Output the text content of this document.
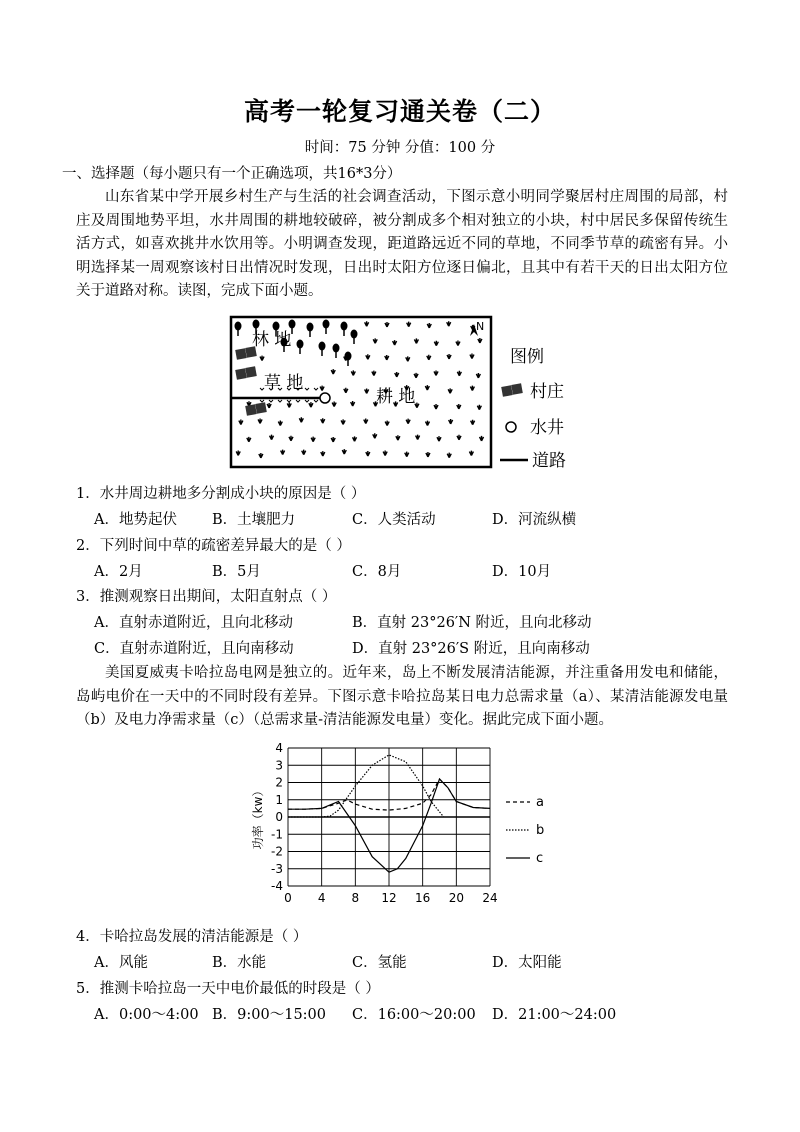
高考一轮复习通关卷（二）
时间：75 分钟 分值：100 分
一、选择题（每小题只有一个正确选项，共16*3分）
山东省某中学开展乡村生产与生活的社会调查活动，下图示意小明同学聚居村庄周围的局部，村庄及周围地势平坦，水井周围的耕地较破碎，被分割成多个相对独立的小块，村中居民多保留传统生活方式，如喜欢挑井水饮用等。小明调查发现，距道路远近不同的草地，不同季节草的疏密有异。小明选择某一周观察该村日出情况时发现，日出时太阳方位逐日偏北，且其中有若干天的日出太阳方位关于道路对称。读图，完成下面小题。
林 地
草 地
耕 地
N
图例
村庄
水井
道路
1．水井周边耕地多分割成小块的原因是（ ）
A．地势起伏 B．土壤肥力	C．人类活动	D．河流纵横
2．下列时间中草的疏密差异最大的是（ ）
A．2月	B．5月	C．8月	D．10月
3．推测观察日出期间，太阳直射点（ ）
A．直射赤道附近，且向北移动	B．直射 23°26′N 附近，且向北移动
C．直射赤道附近，且向南移动	D．直射 23°26′S 附近，且向南移动
美国夏威夷卡哈拉岛电网是独立的。近年来，岛上不断发展清洁能源，并注重备用发电和储能，岛屿电价在一天中的不同时段有差异。下图示意卡哈拉岛某日电力总需求量（a）、某清洁能源发电量（b）及电力净需求量（c）（总需求量-清洁能源发电量）变化。据此完成下面小题。
-4
-3
-2
-1
0
1
2
3
4
0 4 8 12 16 20 24
功率（kw）	a
b
c
4．卡哈拉岛发展的清洁能源是（ ）
A．风能	B．水能	C．氢能	D．太阳能
5．推测卡哈拉岛一天中电价最低的时段是（ ）
A．0:00～4:00 B．9:00～15:00 C．16:00～20:00 D．21:00～24:00
